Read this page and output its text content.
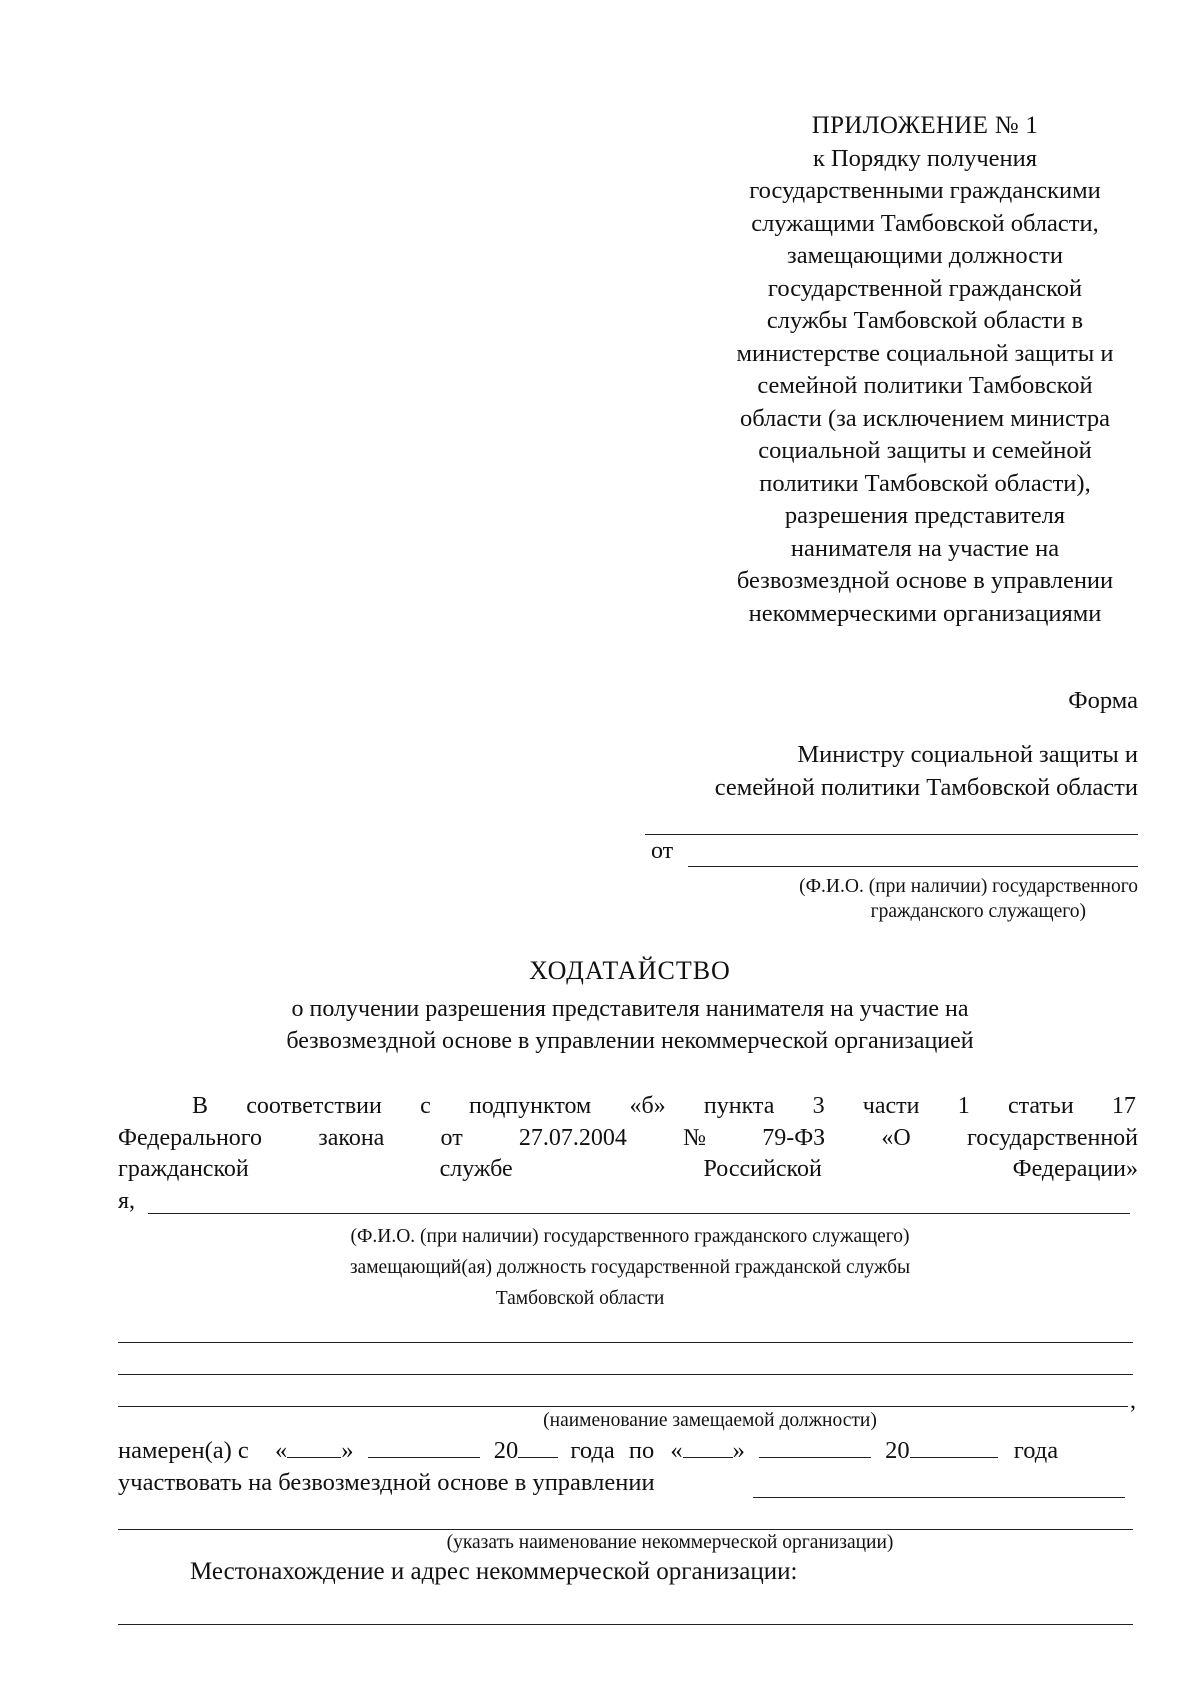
ПРИЛОЖЕНИЕ № 1
к Порядку получения
государственными гражданскими
служащими Тамбовской области,
замещающими должности
государственной гражданской
службы Тамбовской области в
министерстве социальной защиты и
семейной политики Тамбовской
области (за исключением министра
социальной защиты и семейной
политики Тамбовской области),
разрешения представителя
нанимателя на участие на
безвозмездной основе в управлении
некоммерческими организациями
Форма
Министру социальной защиты и
семейной политики Тамбовской области
от
(Ф.И.О. (при наличии) государственного
гражданского служащего)
ХОДАТАЙСТВО
о получении разрешения представителя нанимателя на участие на
безвозмездной основе в управлении некоммерческой организацией
В соответствии с подпунктом «б» пункта 3 части 1 статьи 17
Федерального закона от 27.07.2004 № 79-ФЗ «О государственной
гражданской	службе	Российской	Федерации»
я,
(Ф.И.О. (при наличии) государственного гражданского служащего)
замещающий(ая) должность государственной гражданской службы
Тамбовской области
,
(наименование замещаемой должности)
намерен(а) с « »	20 года по « »	20	года
участвовать на безвозмездной основе в управлении
(указать наименование некоммерческой организации)
Местонахождение и адрес некоммерческой организации:
